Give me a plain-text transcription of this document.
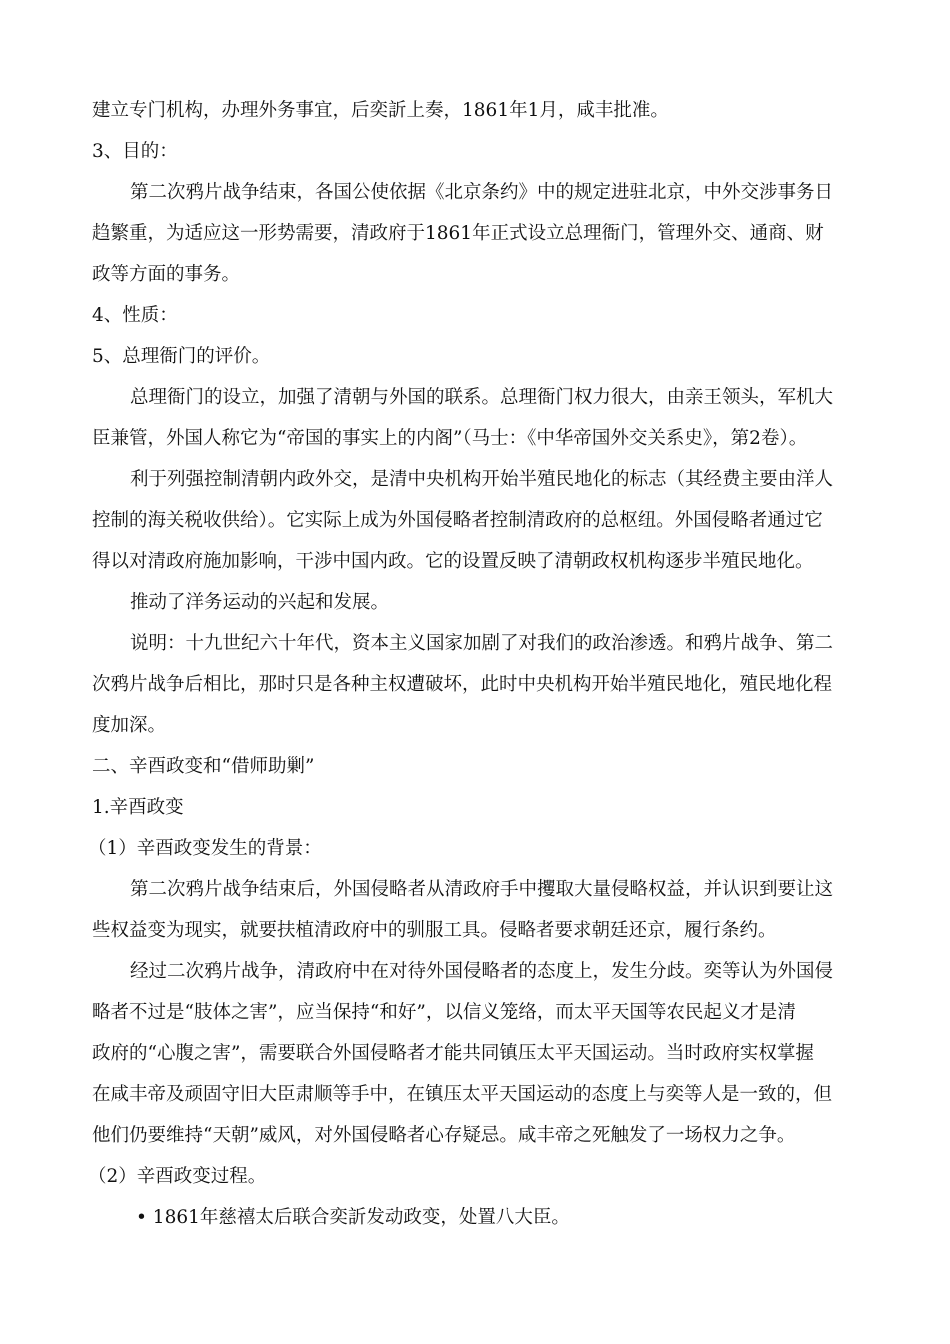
建立专门机构，办理外务事宜，后奕訢上奏，1861年1月，咸丰批准。
3、目的：
第二次鸦片战争结束，各国公使依据《北京条约》中的规定进驻北京，中外交涉事务日
趋繁重，为适应这一形势需要，清政府于1861年正式设立总理衙门，管理外交、通商、财
政等方面的事务。
4、性质：
5、总理衙门的评价。
总理衙门的设立，加强了清朝与外国的联系。总理衙门权力很大，由亲王领头，军机大
臣兼管，外国人称它为“帝国的事实上的内阁”（马士：《中华帝国外交关系史》，第2卷）。
利于列强控制清朝内政外交，是清中央机构开始半殖民地化的标志（其经费主要由洋人
控制的海关税收供给）。它实际上成为外国侵略者控制清政府的总枢纽。外国侵略者通过它
得以对清政府施加影响，干涉中国内政。它的设置反映了清朝政权机构逐步半殖民地化。
推动了洋务运动的兴起和发展。
说明：十九世纪六十年代，资本主义国家加剧了对我们的政治渗透。和鸦片战争、第二
次鸦片战争后相比，那时只是各种主权遭破坏，此时中央机构开始半殖民地化，殖民地化程
度加深。
二、辛酉政变和“借师助剿”
1.辛酉政变
（1）辛酉政变发生的背景：
第二次鸦片战争结束后，外国侵略者从清政府手中攫取大量侵略权益，并认识到要让这
些权益变为现实，就要扶植清政府中的驯服工具。侵略者要求朝廷还京，履行条约。
经过二次鸦片战争，清政府中在对待外国侵略者的态度上，发生分歧。奕等认为外国侵
略者不过是“肢体之害”，应当保持“和好”，以信义笼络，而太平天国等农民起义才是清
政府的“心腹之害”，需要联合外国侵略者才能共同镇压太平天国运动。当时政府实权掌握
在咸丰帝及顽固守旧大臣肃顺等手中，在镇压太平天国运动的态度上与奕等人是一致的，但
他们仍要维持“天朝”威风，对外国侵略者心存疑忌。咸丰帝之死触发了一场权力之争。
（2）辛酉政变过程。
• 1861年慈禧太后联合奕訢发动政变，处置八大臣。
